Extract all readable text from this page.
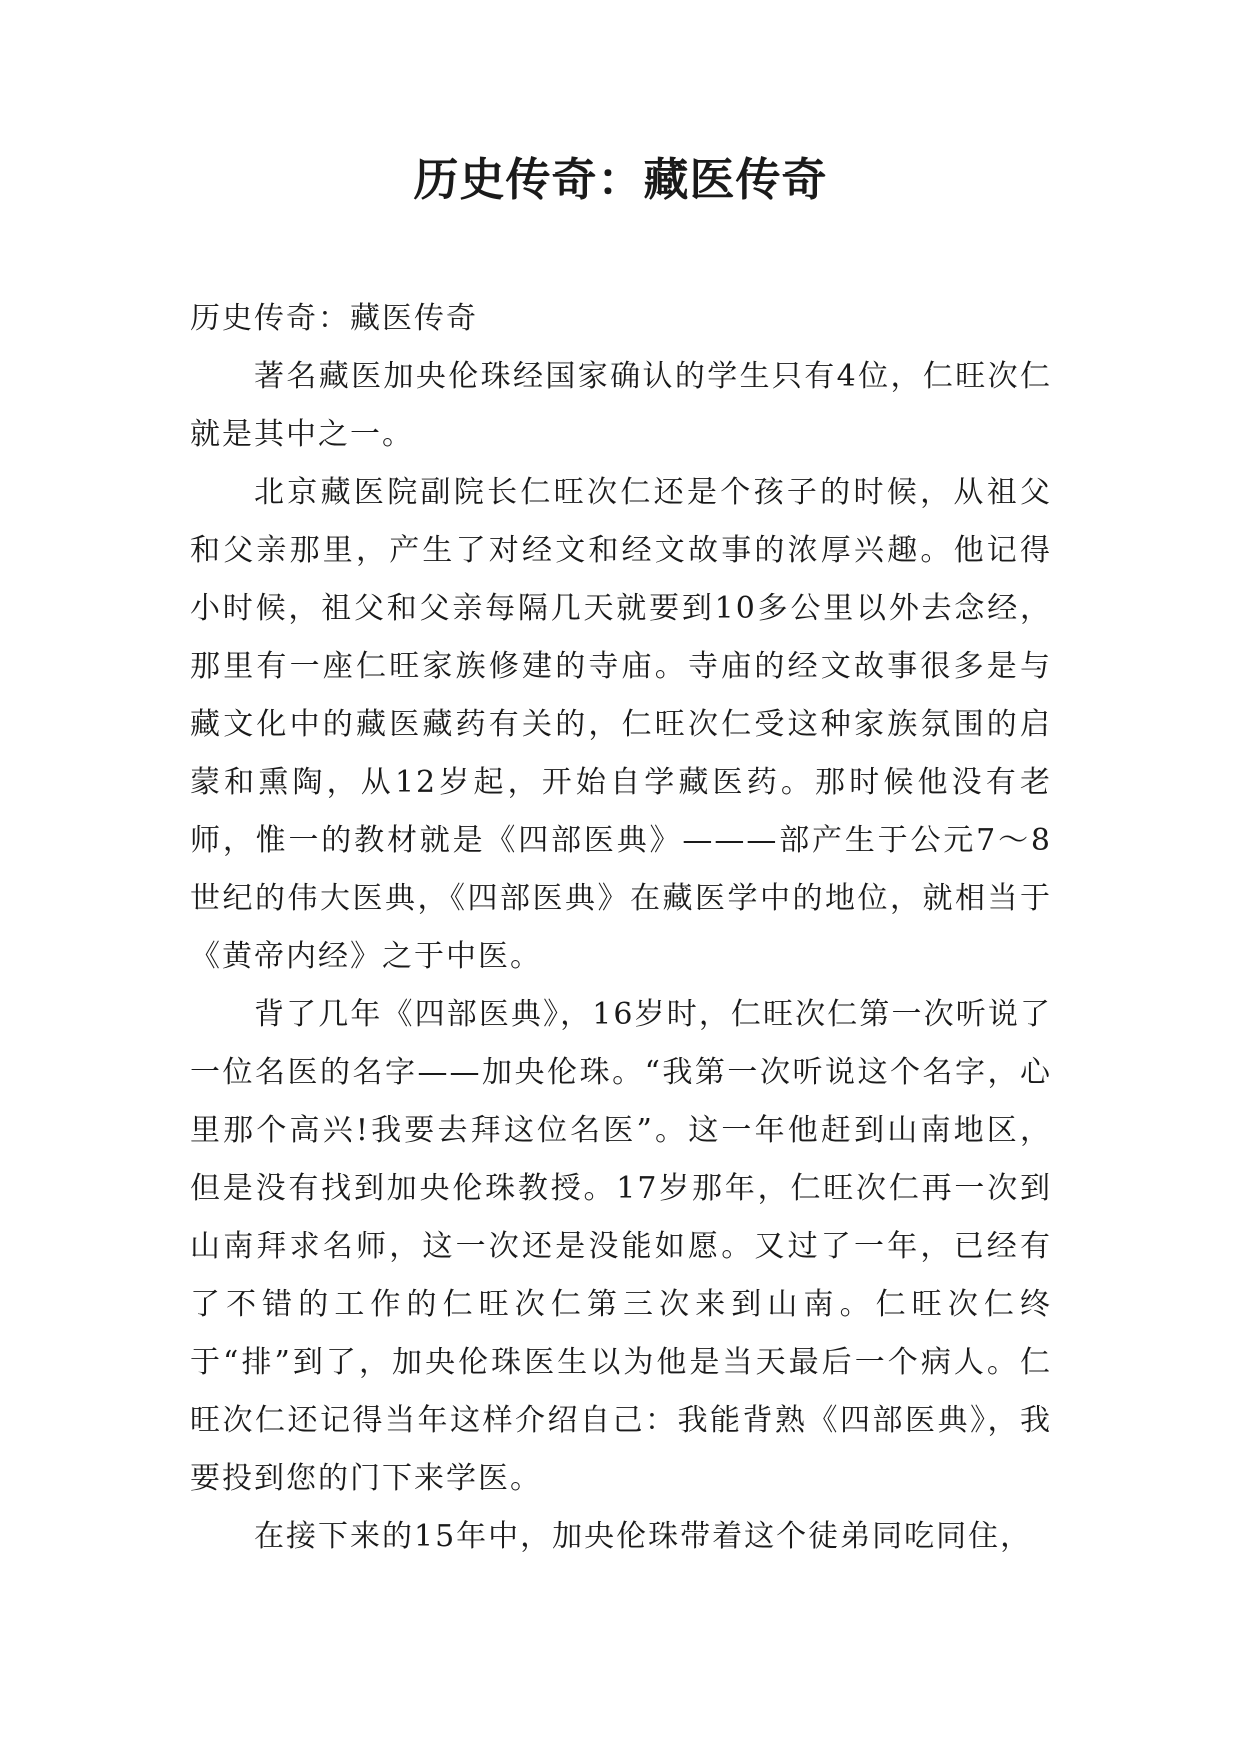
历史传奇：藏医传奇

历史传奇：藏医传奇

著名藏医加央伦珠经国家确认的学生只有4位，仁旺次仁就是其中之一。

北京藏医院副院长仁旺次仁还是个孩子的时候，从祖父和父亲那里，产生了对经文和经文故事的浓厚兴趣。他记得小时候，祖父和父亲每隔几天就要到10多公里以外去念经，那里有一座仁旺家族修建的寺庙。寺庙的经文故事很多是与藏文化中的藏医藏药有关的，仁旺次仁受这种家族氛围的启蒙和熏陶，从12岁起，开始自学藏医药。那时候他没有老师，惟一的教材就是《四部医典》———部产生于公元7～8世纪的伟大医典，《四部医典》在藏医学中的地位，就相当于《黄帝内经》之于中医。

背了几年《四部医典》，16岁时，仁旺次仁第一次听说了一位名医的名字——加央伦珠。“我第一次听说这个名字，心里那个高兴!我要去拜这位名医”。这一年他赶到山南地区，但是没有找到加央伦珠教授。17岁那年，仁旺次仁再一次到山南拜求名师，这一次还是没能如愿。又过了一年，已经有了不错的工作的仁旺次仁第三次来到山南。仁旺次仁终于“排”到了，加央伦珠医生以为他是当天最后一个病人。仁旺次仁还记得当年这样介绍自己：我能背熟《四部医典》，我要投到您的门下来学医。

在接下来的15年中，加央伦珠带着这个徒弟同吃同住，
